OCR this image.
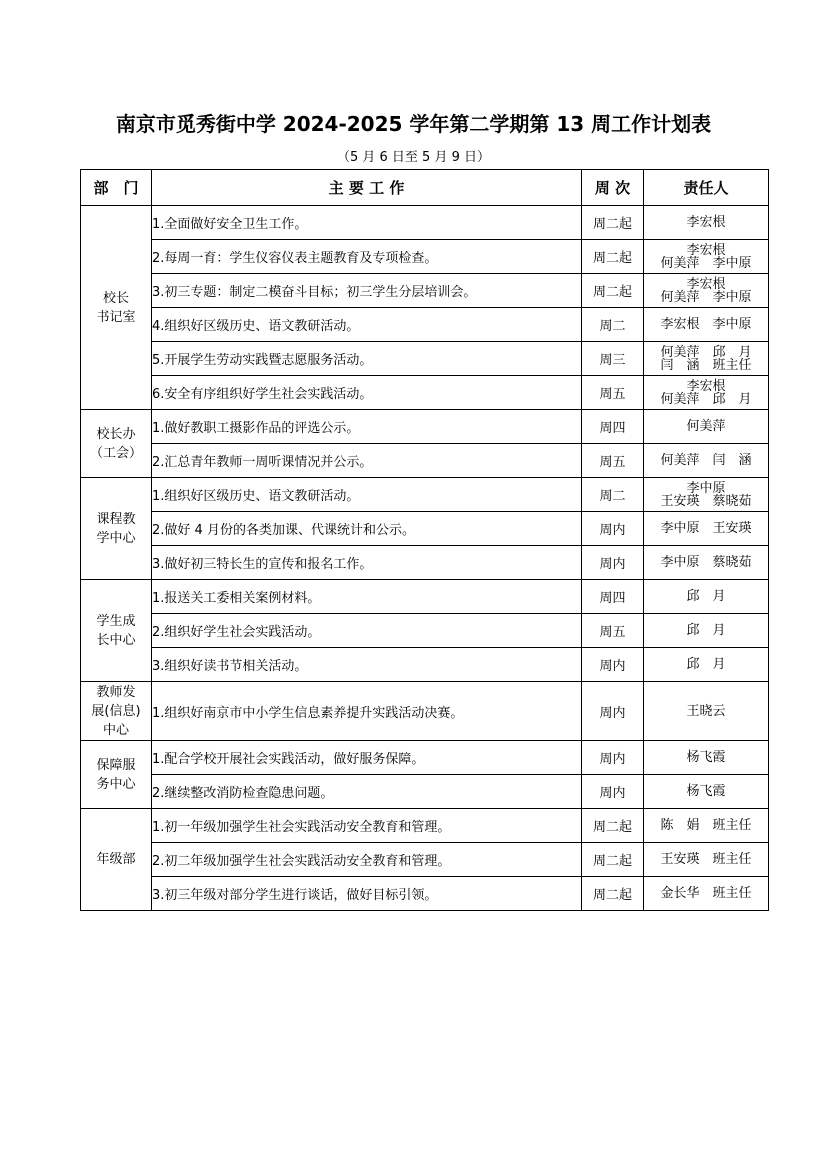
南京市觅秀街中学 2024-2025 学年第二学期第 13 周工作计划表
（5 月 6 日至 5 月 9 日）
部　门	主 要 工 作	周 次	责任人

校长
书记室	1.全面做好安全卫生工作。	周二起	李宏根

	2.每周一育：学生仪容仪表主题教育及专项检查。	周二起	李宏根
何美萍　李中原

	3.初三专题：制定二模奋斗目标；初三学生分层培训会。	周二起	李宏根
何美萍　李中原

	4.组织好区级历史、语文教研活动。	周二	李宏根　李中原

	5.开展学生劳动实践暨志愿服务活动。	周三	何美萍　邱　月
闫　涵　班主任

	6.安全有序组织好学生社会实践活动。	周五	李宏根
何美萍　邱　月

校长办
（工会）	1.做好教职工摄影作品的评选公示。	周四	何美萍

	2.汇总青年教师一周听课情况并公示。	周五	何美萍　闫　涵

课程教
学中心	1.组织好区级历史、语文教研活动。	周二	李中原
王安瑛　蔡晓茹

	2.做好 4 月份的各类加课、代课统计和公示。	周内	李中原　王安瑛

	3.做好初三特长生的宣传和报名工作。	周内	李中原　蔡晓茹

学生成
长中心	1.报送关工委相关案例材料。	周四	邱　月

	2.组织好学生社会实践活动。	周五	邱　月

	3.组织好读书节相关活动。	周内	邱　月

教师发
展(信息)
中心	1.组织好南京市中小学生信息素养提升实践活动决赛。	周内	王晓云

保障服
务中心	1.配合学校开展社会实践活动，做好服务保障。	周内	杨飞霞

	2.继续整改消防检查隐患问题。	周内	杨飞霞

年级部	1.初一年级加强学生社会实践活动安全教育和管理。	周二起	陈　娟　班主任

	2.初二年级加强学生社会实践活动安全教育和管理。	周二起	王安瑛　班主任

	3.初三年级对部分学生进行谈话，做好目标引领。	周二起	金长华　班主任
